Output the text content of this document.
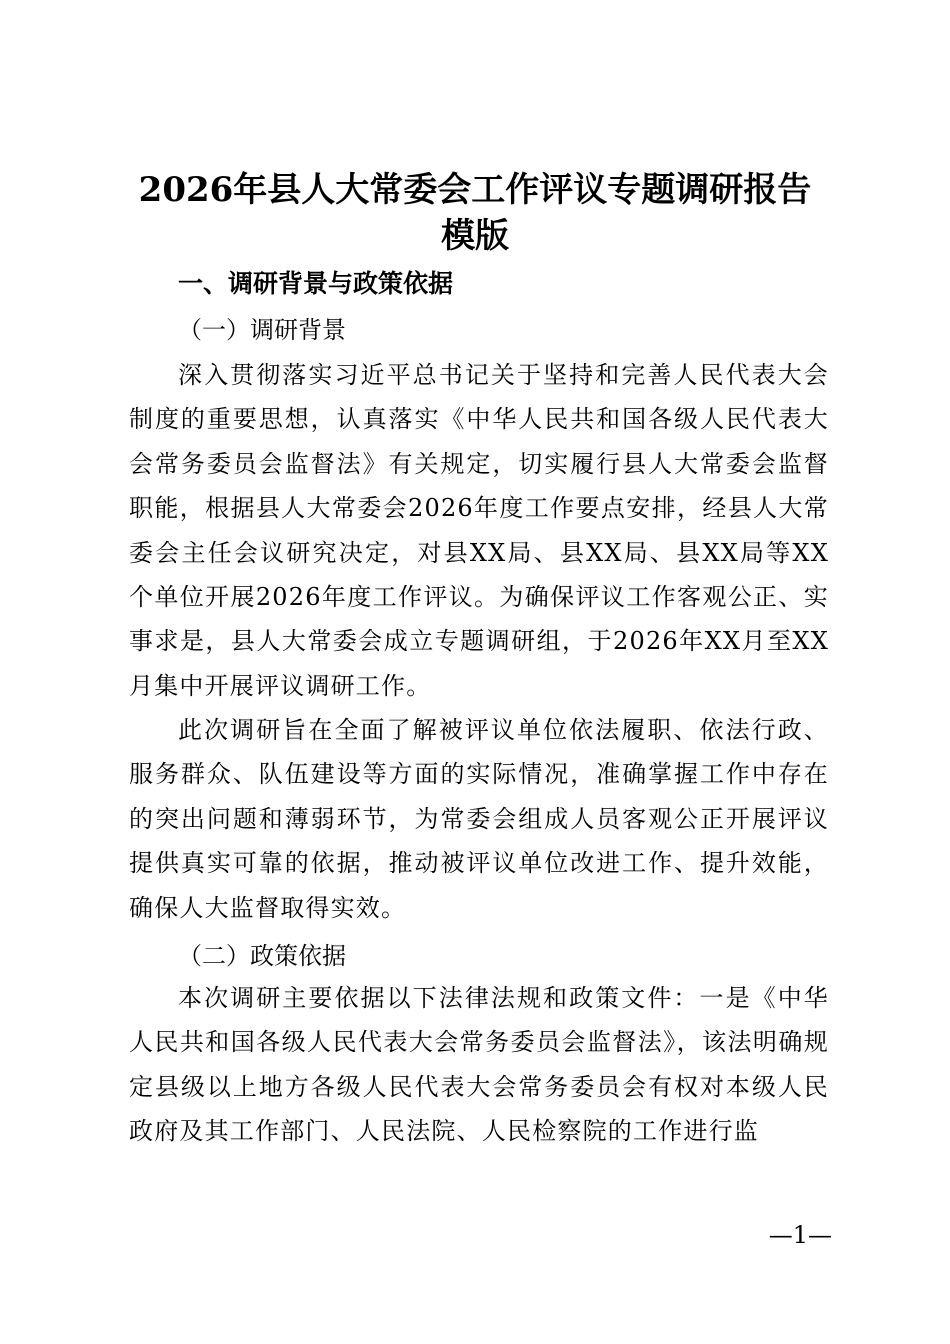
2026年县人大常委会工作评议专题调研报告
模版
一、调研背景与政策依据
（一）调研背景

深入贯彻落实习近平总书记关于坚持和完善人民代表大会制度的重要思想，认真落实《中华人民共和国各级人民代表大会常务委员会监督法》有关规定，切实履行县人大常委会监督职能，根据县人大常委会2026年度工作要点安排，经县人大常委会主任会议研究决定，对县XX局、县XX局、县XX局等XX个单位开展2026年度工作评议。为确保评议工作客观公正、实事求是，县人大常委会成立专题调研组，于2026年XX月至XX月集中开展评议调研工作。

此次调研旨在全面了解被评议单位依法履职、依法行政、服务群众、队伍建设等方面的实际情况，准确掌握工作中存在的突出问题和薄弱环节，为常委会组成人员客观公正开展评议提供真实可靠的依据，推动被评议单位改进工作、提升效能，确保人大监督取得实效。

（二）政策依据

本次调研主要依据以下法律法规和政策文件：一是《中华人民共和国各级人民代表大会常务委员会监督法》，该法明确规定县级以上地方各级人民代表大会常务委员会有权对本级人民政府及其工作部门、人民法院、人民检察院的工作进行监

—1—
